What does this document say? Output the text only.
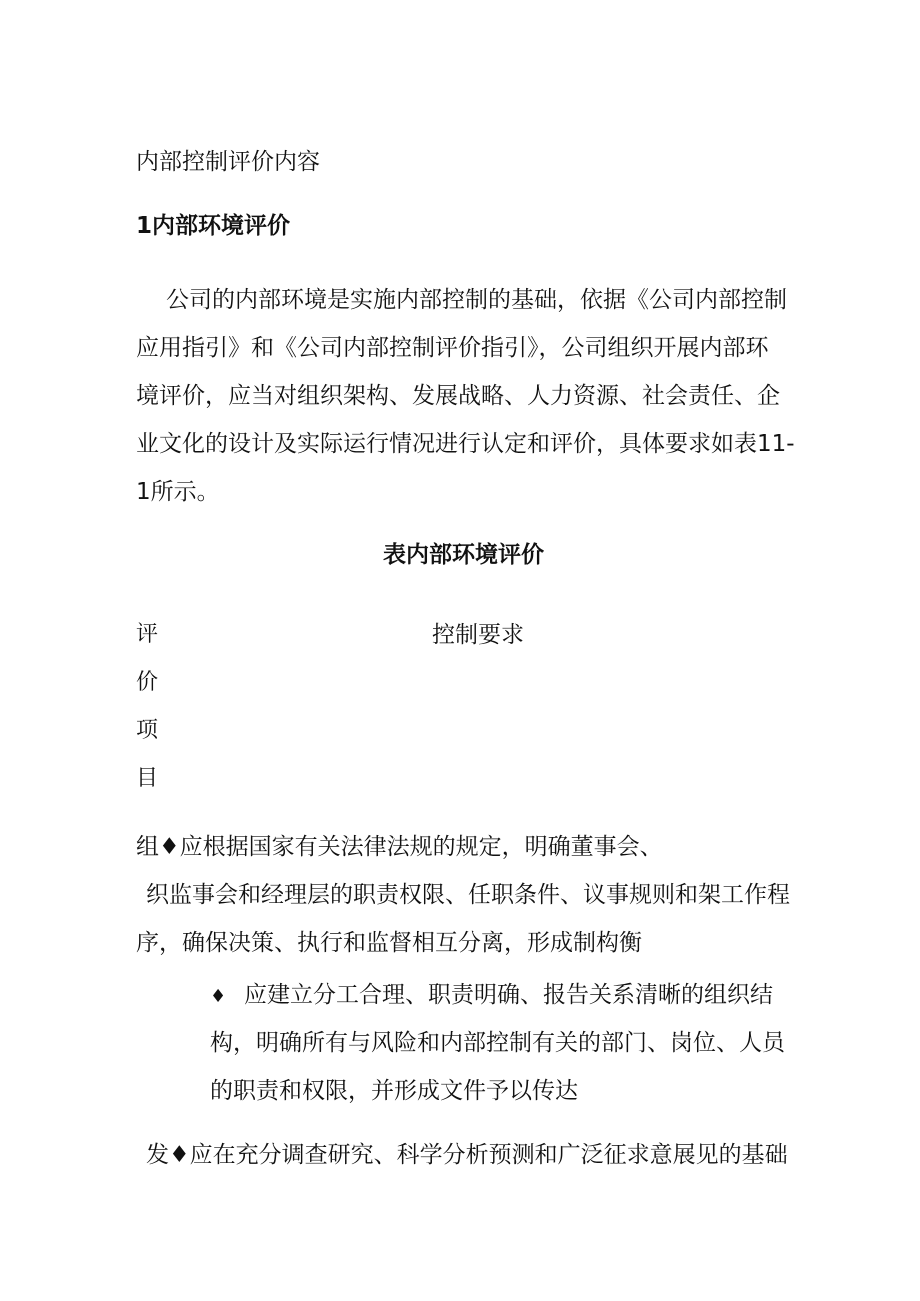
内部控制评价内容
1内部环境评价
公司的内部环境是实施内部控制的基础，依据《公司内部控制
应用指引》和《公司内部控制评价指引》，公司组织开展内部环
境评价，应当对组织架构、发展战略、人力资源、社会责任、企
业文化的设计及实际运行情况进行认定和评价，具体要求如表11-
1所示。
表内部环境评价
评
价
项
目
控制要求
组♦应根据国家有关法律法规的规定，明确董事会、
织监事会和经理层的职责权限、任职条件、议事规则和架工作程
序，确保决策、执行和监督相互分离，形成制构衡
♦ 应建立分工合理、职责明确、报告关系清晰的组织结
构，明确所有与风险和内部控制有关的部门、岗位、人员
的职责和权限，并形成文件予以传达
发♦应在充分调查研究、科学分析预测和广泛征求意展见的基础
